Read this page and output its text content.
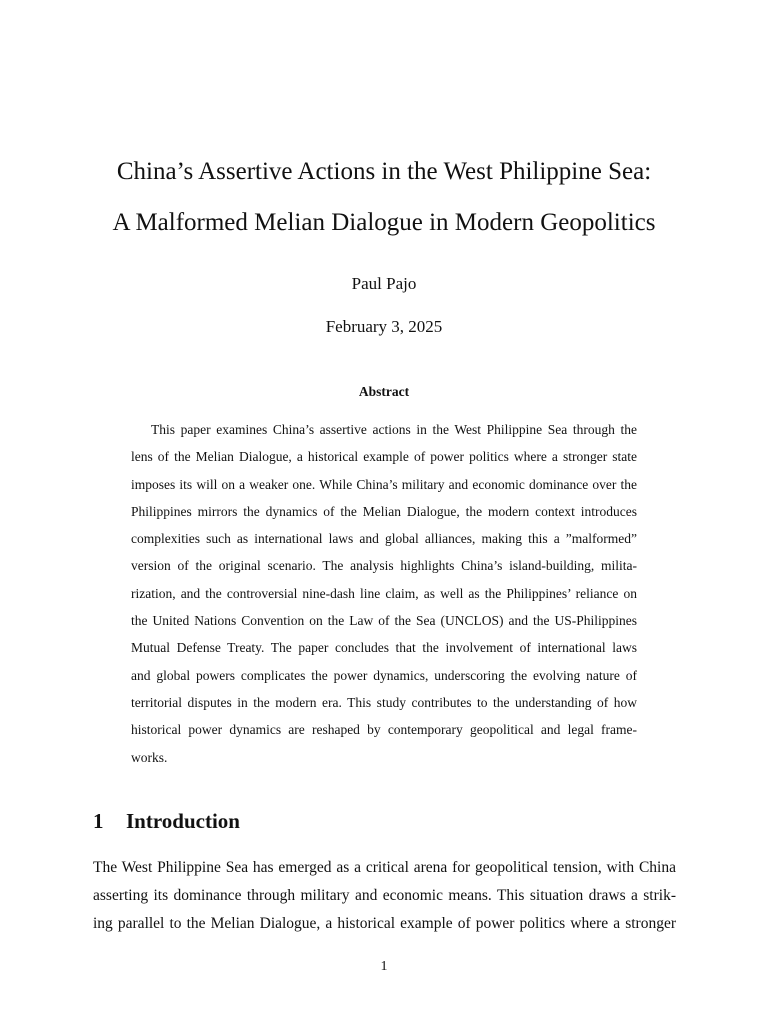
China’s Assertive Actions in the West Philippine Sea:
A Malformed Melian Dialogue in Modern Geopolitics
Paul Pajo
February 3, 2025
Abstract
This paper examines China’s assertive actions in the West Philippine Sea through the
lens of the Melian Dialogue, a historical example of power politics where a stronger state
imposes its will on a weaker one. While China’s military and economic dominance over the
Philippines mirrors the dynamics of the Melian Dialogue, the modern context introduces
complexities such as international laws and global alliances, making this a ”malformed”
version of the original scenario. The analysis highlights China’s island-building, milita-
rization, and the controversial nine-dash line claim, as well as the Philippines’ reliance on
the United Nations Convention on the Law of the Sea (UNCLOS) and the US-Philippines
Mutual Defense Treaty. The paper concludes that the involvement of international laws
and global powers complicates the power dynamics, underscoring the evolving nature of
territorial disputes in the modern era. This study contributes to the understanding of how
historical power dynamics are reshaped by contemporary geopolitical and legal frame-
works.
1 Introduction
The West Philippine Sea has emerged as a critical arena for geopolitical tension, with China
asserting its dominance through military and economic means. This situation draws a strik-
ing parallel to the Melian Dialogue, a historical example of power politics where a stronger
1
